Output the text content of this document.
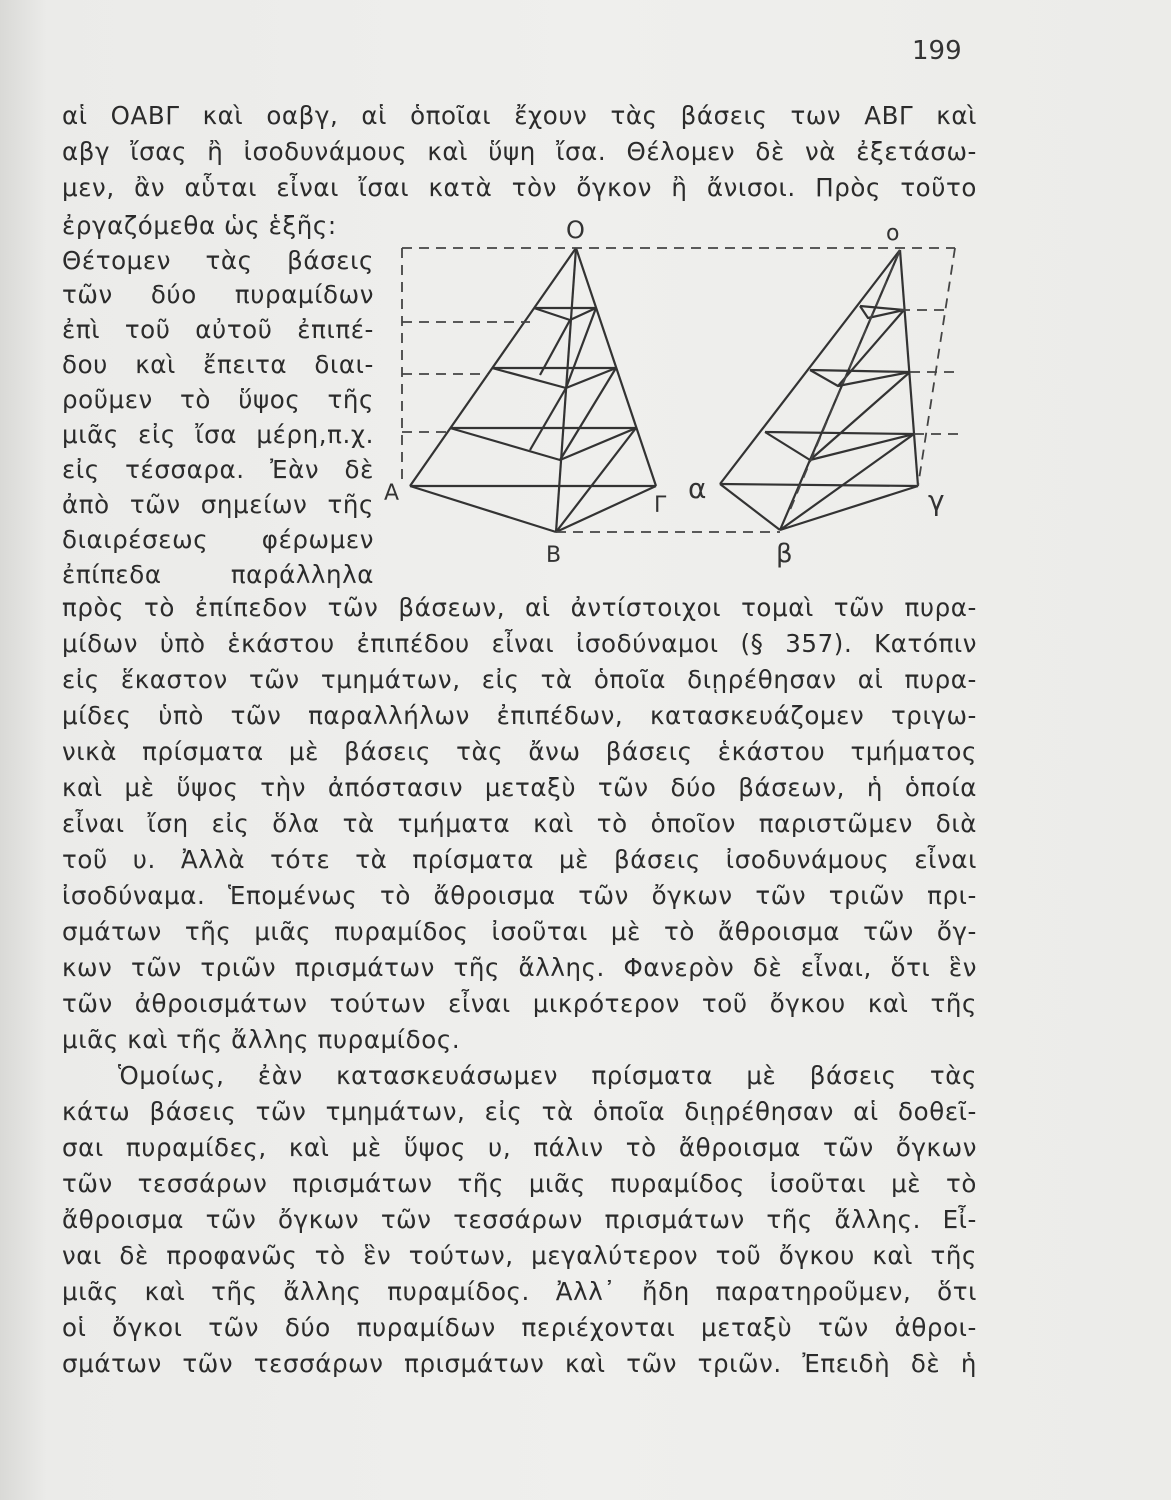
199
αἱ ΟΑΒΓ καὶ οαβγ, αἱ ὁποῖαι ἔχουν τὰς βάσεις των ΑΒΓ καὶ
αβγ ἴσας ἢ ἰσοδυνάμους καὶ ὕψη ἴσα. Θέλομεν δὲ νὰ ἐξετάσω-
μεν, ἂν αὗται εἶναι ἴσαι κατὰ τὸν ὄγκον ἢ ἄνισοι. Πρὸς τοῦτο
ἐργαζόμεθα ὡς ἑξῆς:
Θέτομεν τὰς βάσεις
τῶν δύο πυραμίδων
ἐπὶ τοῦ αὐτοῦ ἐπιπέ-
δου καὶ ἔπειτα διαι-
ροῦμεν τὸ ὕψος τῆς
μιᾶς εἰς ἴσα μέρη,π.χ.
εἰς τέσσαρα. Ἐὰν δὲ
ἀπὸ τῶν σημείων τῆς
διαιρέσεως φέρωμεν
ἐπίπεδα παράλληλα
Ο
Α
Β
Γ
ο
α
β
γ
πρὸς τὸ ἐπίπεδον τῶν βάσεων, αἱ ἀντίστοιχοι τομαὶ τῶν πυρα-
μίδων ὑπὸ ἑκάστου ἐπιπέδου εἶναι ἰσοδύναμοι (§ 357). Κατόπιν
εἰς ἕκαστον τῶν τμημάτων, εἰς τὰ ὁποῖα διῃρέθησαν αἱ πυρα-
μίδες ὑπὸ τῶν παραλλήλων ἐπιπέδων, κατασκευάζομεν τριγω-
νικὰ πρίσματα μὲ βάσεις τὰς ἄνω βάσεις ἑκάστου τμήματος
καὶ μὲ ὕψος τὴν ἀπόστασιν μεταξὺ τῶν δύο βάσεων, ἡ ὁποία
εἶναι ἴση εἰς ὅλα τὰ τμήματα καὶ τὸ ὁποῖον παριστῶμεν διὰ
τοῦ υ. Ἀλλὰ τότε τὰ πρίσματα μὲ βάσεις ἰσοδυνάμους εἶναι
ἰσοδύναμα. Ἑπομένως τὸ ἄθροισμα τῶν ὄγκων τῶν τριῶν πρι-
σμάτων τῆς μιᾶς πυραμίδος ἰσοῦται μὲ τὸ ἄθροισμα τῶν ὄγ-
κων τῶν τριῶν πρισμάτων τῆς ἄλλης. Φανερὸν δὲ εἶναι, ὅτι ἓν
τῶν ἀθροισμάτων τούτων εἶναι μικρότερον τοῦ ὄγκου καὶ τῆς
μιᾶς καὶ τῆς ἄλλης πυραμίδος.
Ὁμοίως, ἐὰν κατασκευάσωμεν πρίσματα μὲ βάσεις τὰς
κάτω βάσεις τῶν τμημάτων, εἰς τὰ ὁποῖα διῃρέθησαν αἱ δοθεῖ-
σαι πυραμίδες, καὶ μὲ ὕψος υ, πάλιν τὸ ἄθροισμα τῶν ὄγκων
τῶν τεσσάρων πρισμάτων τῆς μιᾶς πυραμίδος ἰσοῦται μὲ τὸ
ἄθροισμα τῶν ὄγκων τῶν τεσσάρων πρισμάτων τῆς ἄλλης. Εἶ-
ναι δὲ προφανῶς τὸ ἓν τούτων, μεγαλύτερον τοῦ ὄγκου καὶ τῆς
μιᾶς καὶ τῆς ἄλλης πυραμίδος. Ἀλλ᾽ ἤδη παρατηροῦμεν, ὅτι
οἱ ὄγκοι τῶν δύο πυραμίδων περιέχονται μεταξὺ τῶν ἀθροι-
σμάτων τῶν τεσσάρων πρισμάτων καὶ τῶν τριῶν. Ἐπειδὴ δὲ ἡ
